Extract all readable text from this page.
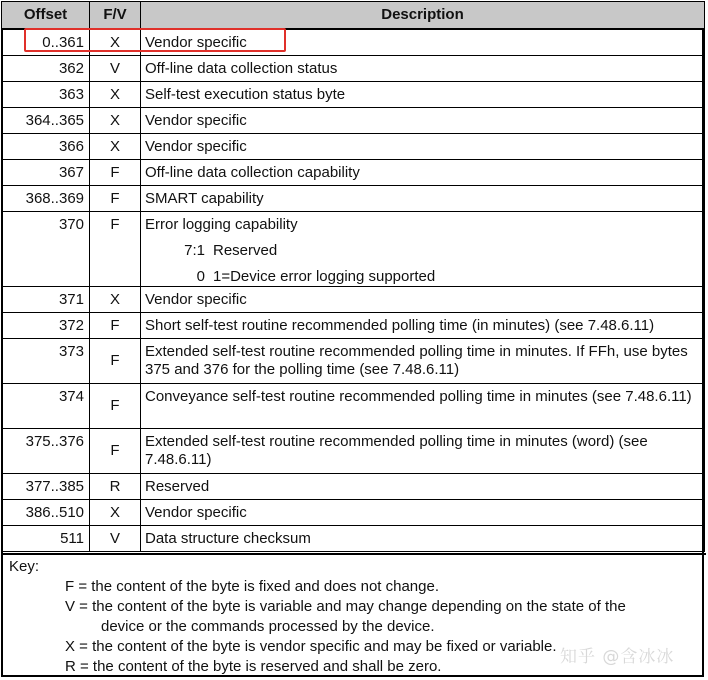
Offset	F/V	Description
0..361	X	Vendor specific
362	V	Off-line data collection status
363	X	Self-test execution status byte
364..365	X	Vendor specific
366	X	Vendor specific
367	F	Off-line data collection capability
368..369	F	SMART capability
370	F	Error logging capability
7:1 Reserved
0 1=Device error logging supported

371	X	Vendor specific
372	F	Short self-test routine recommended polling time (in minutes) (see 7.48.6.11)
373	F	Extended self-test routine recommended polling time in minutes. If FFh, use bytes 375 and 376 for the polling time (see 7.48.6.11)
374	F	Conveyance self-test routine recommended polling time in minutes (see 7.48.6.11)
375..376	F	Extended self-test routine recommended polling time in minutes (word) (see 7.48.6.11)
377..385	R	Reserved
386..510	X	Vendor specific
511	V	Data structure checksum
Key:
F = the content of the byte is fixed and does not change.
V = the content of the byte is variable and may change depending on the state of the
device or the commands processed by the device.
X = the content of the byte is vendor specific and may be fixed or variable.
R = the content of the byte is reserved and shall be zero.	知乎 @含冰冰
